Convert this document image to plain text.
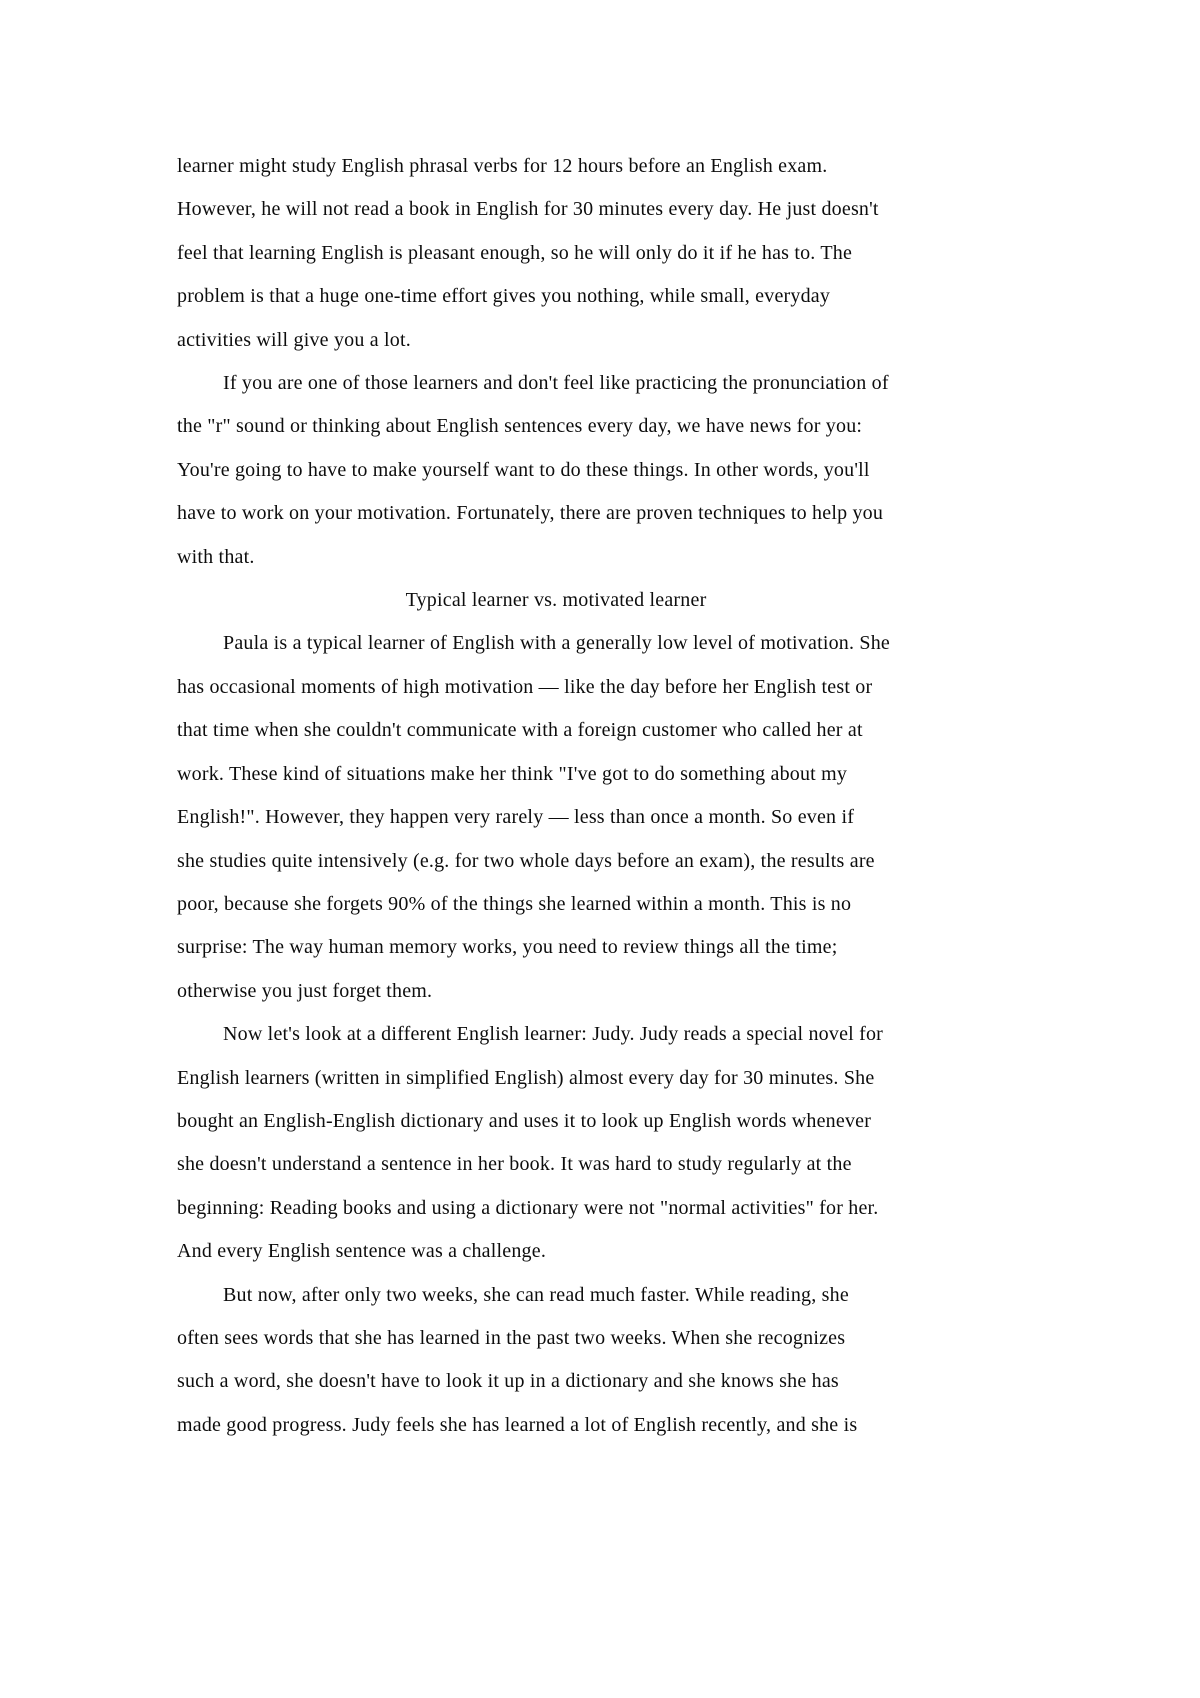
learner might study English phrasal verbs for 12 hours before an English exam.
However, he will not read a book in English for 30 minutes every day. He just doesn't
feel that learning English is pleasant enough, so he will only do it if he has to. The
problem is that a huge one-time effort gives you nothing, while small, everyday
activities will give you a lot.
If you are one of those learners and don't feel like practicing the pronunciation of
the "r" sound or thinking about English sentences every day, we have news for you:
You're going to have to make yourself want to do these things. In other words, you'll
have to work on your motivation. Fortunately, there are proven techniques to help you
with that.
Typical learner vs. motivated learner
Paula is a typical learner of English with a generally low level of motivation. She
has occasional moments of high motivation — like the day before her English test or
that time when she couldn't communicate with a foreign customer who called her at
work. These kind of situations make her think "I've got to do something about my
English!". However, they happen very rarely — less than once a month. So even if
she studies quite intensively (e.g. for two whole days before an exam), the results are
poor, because she forgets 90% of the things she learned within a month. This is no
surprise: The way human memory works, you need to review things all the time;
otherwise you just forget them.
Now let's look at a different English learner: Judy. Judy reads a special novel for
English learners (written in simplified English) almost every day for 30 minutes. She
bought an English-English dictionary and uses it to look up English words whenever
she doesn't understand a sentence in her book. It was hard to study regularly at the
beginning: Reading books and using a dictionary were not "normal activities" for her.
And every English sentence was a challenge.
But now, after only two weeks, she can read much faster. While reading, she
often sees words that she has learned in the past two weeks. When she recognizes
such a word, she doesn't have to look it up in a dictionary and she knows she has
made good progress. Judy feels she has learned a lot of English recently, and she is
